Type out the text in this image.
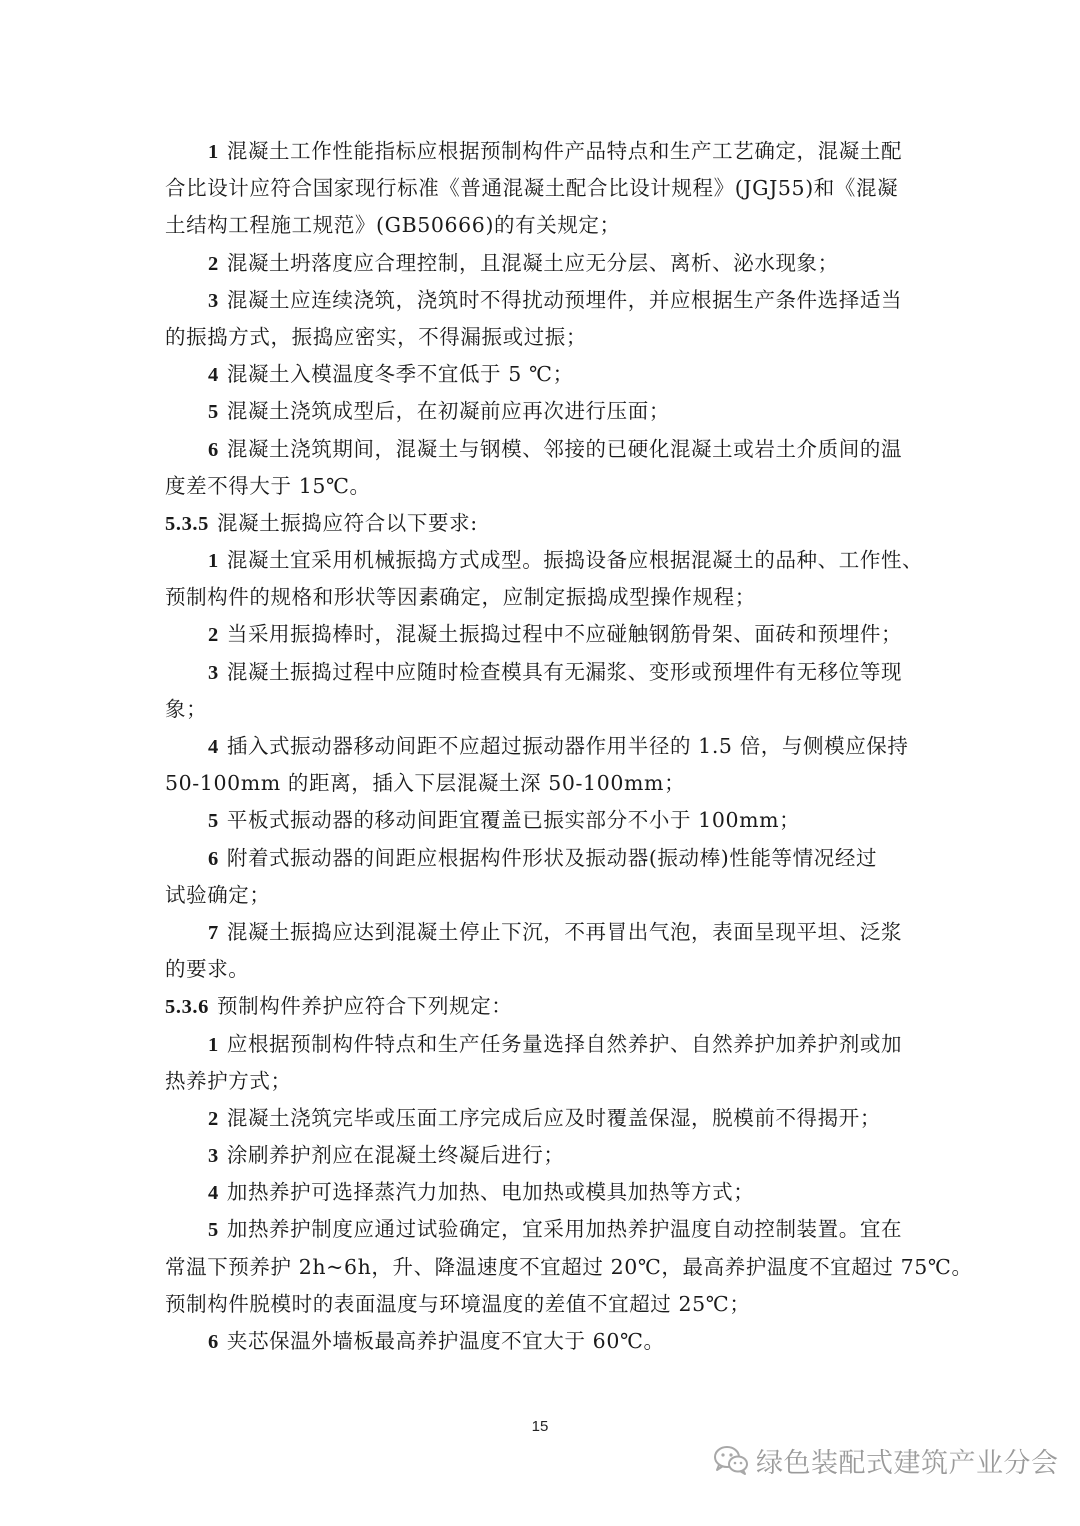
1 混凝土工作性能指标应根据预制构件产品特点和生产工艺确定，混凝土配
合比设计应符合国家现行标准《普通混凝土配合比设计规程》(JGJ55)和《混凝
土结构工程施工规范》(GB50666)的有关规定；
2 混凝土坍落度应合理控制，且混凝土应无分层、离析、泌水现象；
3 混凝土应连续浇筑，浇筑时不得扰动预埋件，并应根据生产条件选择适当
的振捣方式，振捣应密实，不得漏振或过振；
4 混凝土入模温度冬季不宜低于 5 ℃；
5 混凝土浇筑成型后，在初凝前应再次进行压面；
6 混凝土浇筑期间，混凝土与钢模、邻接的已硬化混凝土或岩土介质间的温
度差不得大于 15℃。
5.3.5 混凝土振捣应符合以下要求:
1 混凝土宜采用机械振捣方式成型。振捣设备应根据混凝土的品种、工作性、
预制构件的规格和形状等因素确定，应制定振捣成型操作规程；
2 当采用振捣棒时，混凝土振捣过程中不应碰触钢筋骨架、面砖和预埋件；
3 混凝土振捣过程中应随时检查模具有无漏浆、变形或预埋件有无移位等现
象；
4 插入式振动器移动间距不应超过振动器作用半径的 1.5 倍，与侧模应保持
50-100mm 的距离，插入下层混凝土深 50-100mm；
5 平板式振动器的移动间距宜覆盖已振实部分不小于 100mm；
6 附着式振动器的间距应根据构件形状及振动器(振动棒)性能等情况经过
试验确定；
7 混凝土振捣应达到混凝土停止下沉，不再冒出气泡，表面呈现平坦、泛浆
的要求。
5.3.6 预制构件养护应符合下列规定：
1 应根据预制构件特点和生产任务量选择自然养护、自然养护加养护剂或加
热养护方式；
2 混凝土浇筑完毕或压面工序完成后应及时覆盖保湿，脱模前不得揭开；
3 涂刷养护剂应在混凝土终凝后进行；
4 加热养护可选择蒸汽力加热、电加热或模具加热等方式；
5 加热养护制度应通过试验确定，宜采用加热养护温度自动控制装置。宜在
常温下预养护 2h~6h，升、降温速度不宜超过 20℃，最高养护温度不宜超过 75℃。
预制构件脱模时的表面温度与环境温度的差值不宜超过 25℃；
6 夹芯保温外墙板最高养护温度不宜大于 60℃。
15
绿色装配式建筑产业分会
